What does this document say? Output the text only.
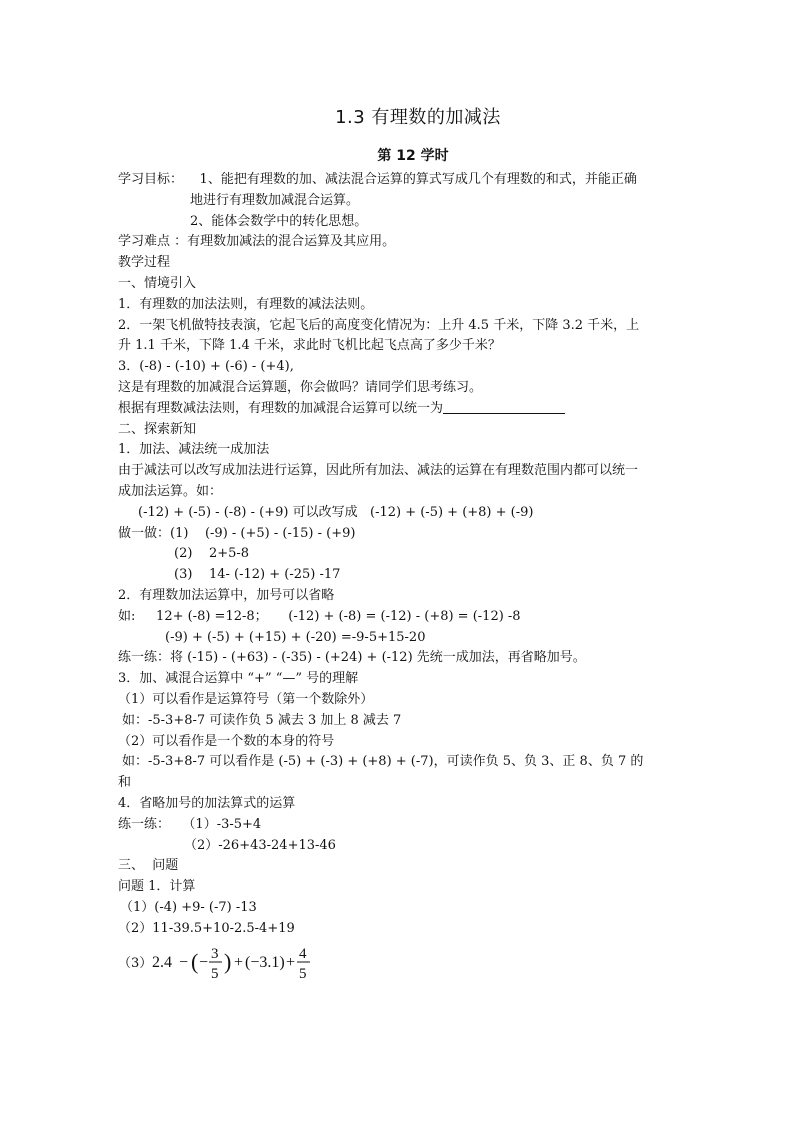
1.3 有理数的加减法
第 12 学时
学习目标： 1、能把有理数的加、减法混合运算的算式写成几个有理数的和式，并能正确
地进行有理数加减混合运算。
2、能体会数学中的转化思想。
学习难点 ：有理数加减法的混合运算及其应用。
教学过程
一、情境引入
1．有理数的加法法则，有理数的减法法则。
2．一架飞机做特技表演，它起飞后的高度变化情况为：上升 4.5 千米，下降 3.2 千米，上
升 1.1 千米，下降 1.4 千米，求此时飞机比起飞点高了多少千米？
3．(-8) - (-10) + (-6) - (+4),
这是有理数的加减混合运算题，你会做吗？请同学们思考练习。
根据有理数减法法则，有理数的加减混合运算可以统一为
二、探索新知
1．加法、减法统一成加法
由于减法可以改写成加法进行运算，因此所有加法、减法的运算在有理数范围内都可以统一
成加法运算。如：
(-12) + (-5) - (-8) - (+9) 可以改写成   (-12) + (-5) + (+8) + (-9)
做一做：(1)    (-9) - (+5) - (-15) - (+9)
(2)    2+5-8
(3)    14- (-12) + (-25) -17
2．有理数加法运算中，加号可以省略
如:     12+ (-8) =12-8；     (-12) + (-8) = (-12) - (+8) = (-12) -8
(-9) + (-5) + (+15) + (-20) =-9-5+15-20
练一练：将 (-15) - (+63) - (-35) - (+24) + (-12) 先统一成加法，再省略加号。
3．加、减混合运算中 “+” “—” 号的理解
（1）可以看作是运算符号（第一个数除外）
如：-5-3+8-7 可读作负 5 减去 3 加上 8 减去 7
（2）可以看作是一个数的本身的符号
如：-5-3+8-7 可以看作是 (-5) + (-3) + (+8) + (-7)，可读作负 5、负 3、正 8、负 7 的
和
4．省略加号的加法算式的运算
练一练： （1）-3-5+4
（2）-26+43-24+13-46
三、  问题
问题 1．计算
（1）(-4) +9- (-7) -13
（2）11-39.5+10-2.5-4+19
（3） 2.4 − ( − 3
5 ) + (−3.1) + 4
5
